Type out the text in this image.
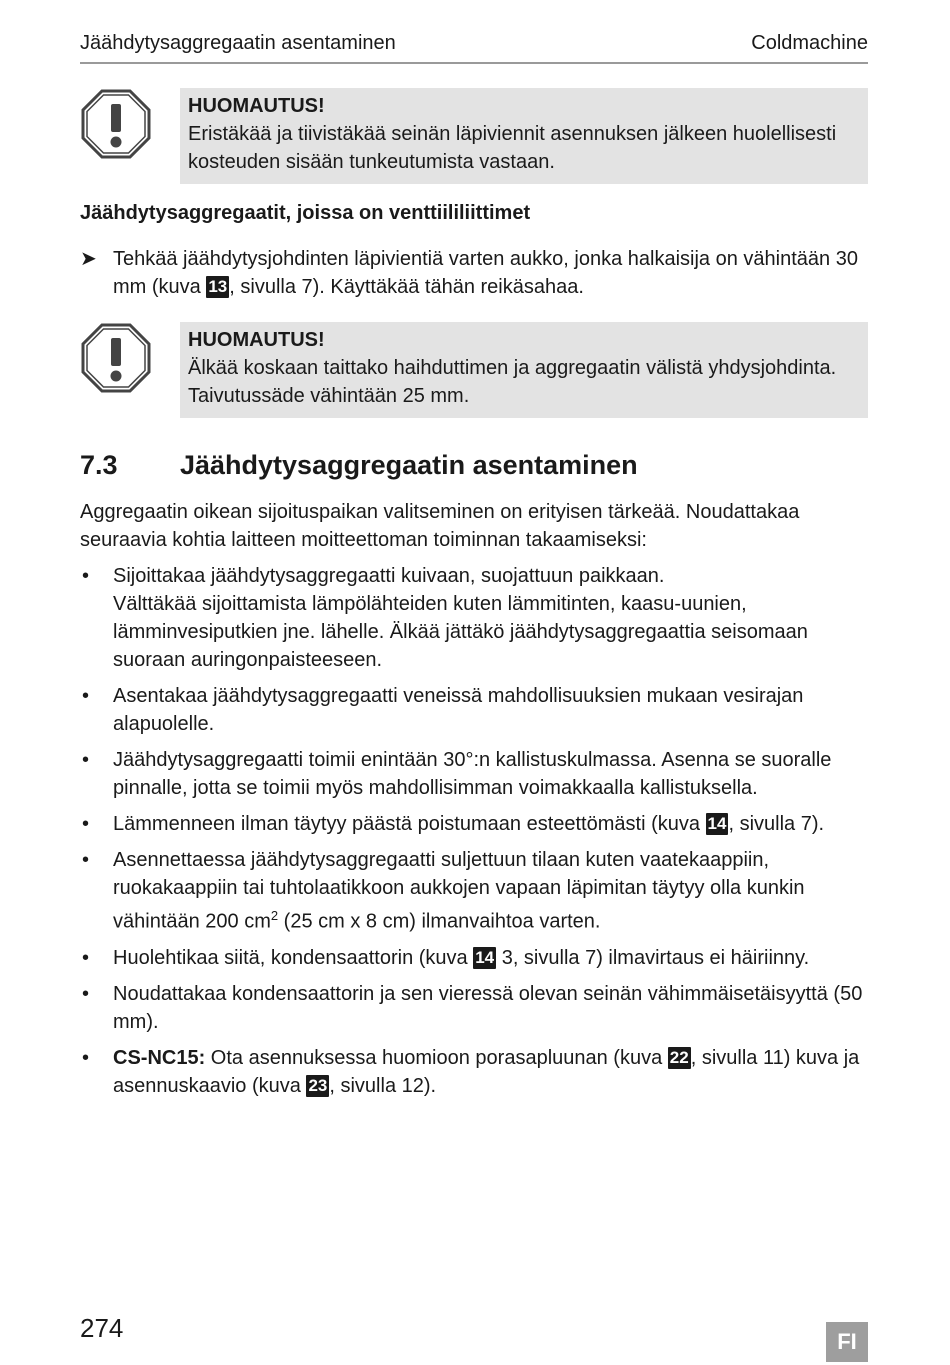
Jäähdytysaggregaatin asentaminen	Coldmachine
HUOMAUTUS!
Eristäkää ja tiivistäkää seinän läpiviennit asennuksen jälkeen huolellisesti kosteuden sisään tunkeutumista vastaan.
Jäähdytysaggregaatit, joissa on venttiililiittimet
➤ Tehkää jäähdytysjohdinten läpivientiä varten aukko, jonka halkaisija on vähintään 30 mm (kuva 13 , sivulla 7). Käyttäkää tähän reikäsahaa.
HUOMAUTUS!
Älkää koskaan taittako haihduttimen ja aggregaatin välistä yhdysjohdinta. Taivutussäde vähintään 25 mm.
7.3 Jäähdytysaggregaatin asentaminen
Aggregaatin oikean sijoituspaikan valitseminen on erityisen tärkeää. Noudattakaa seuraavia kohtia laitteen moitteettoman toiminnan takaamiseksi:
• Sijoittakaa jäähdytysaggregaatti kuivaan, suojattuun paikkaan.
Välttäkää sijoittamista lämpölähteiden kuten lämmitinten, kaasu-uunien, lämminvesiputkien jne. lähelle. Älkää jättäkö jäähdytysaggregaattia seisomaan suoraan auringonpaisteeseen.
• Asentakaa jäähdytysaggregaatti veneissä mahdollisuuksien mukaan vesirajan alapuolelle.
• Jäähdytysaggregaatti toimii enintään 30°:n kallistuskulmassa. Asenna se suoralle pinnalle, jotta se toimii myös mahdollisimman voimakkaalla kallistuksella.
• Lämmenneen ilman täytyy päästä poistumaan esteettömästi (kuva 14 , sivulla 7).
• Asennettaessa jäähdytysaggregaatti suljettuun tilaan kuten vaatekaappiin, ruokakaappiin tai tuhtolaatikkoon aukkojen vapaan läpimitan täytyy olla kunkin vähintään 200 $cm^2$ (25 cm x 8 cm) ilmanvaihtoa varten.
• Huolehtikaa siitä, kondensaattorin (kuva 14 3, sivulla 7) ilmavirtaus ei häiriinny.
• Noudattakaa kondensaattorin ja sen vieressä olevan seinän vähimmäisetäisyyttä (50 mm).
• CS-NC15: Ota asennuksessa huomioon porasapluunan (kuva 22 , sivulla 11) kuva ja asennuskaavio (kuva 23 , sivulla 12).
274	FI
